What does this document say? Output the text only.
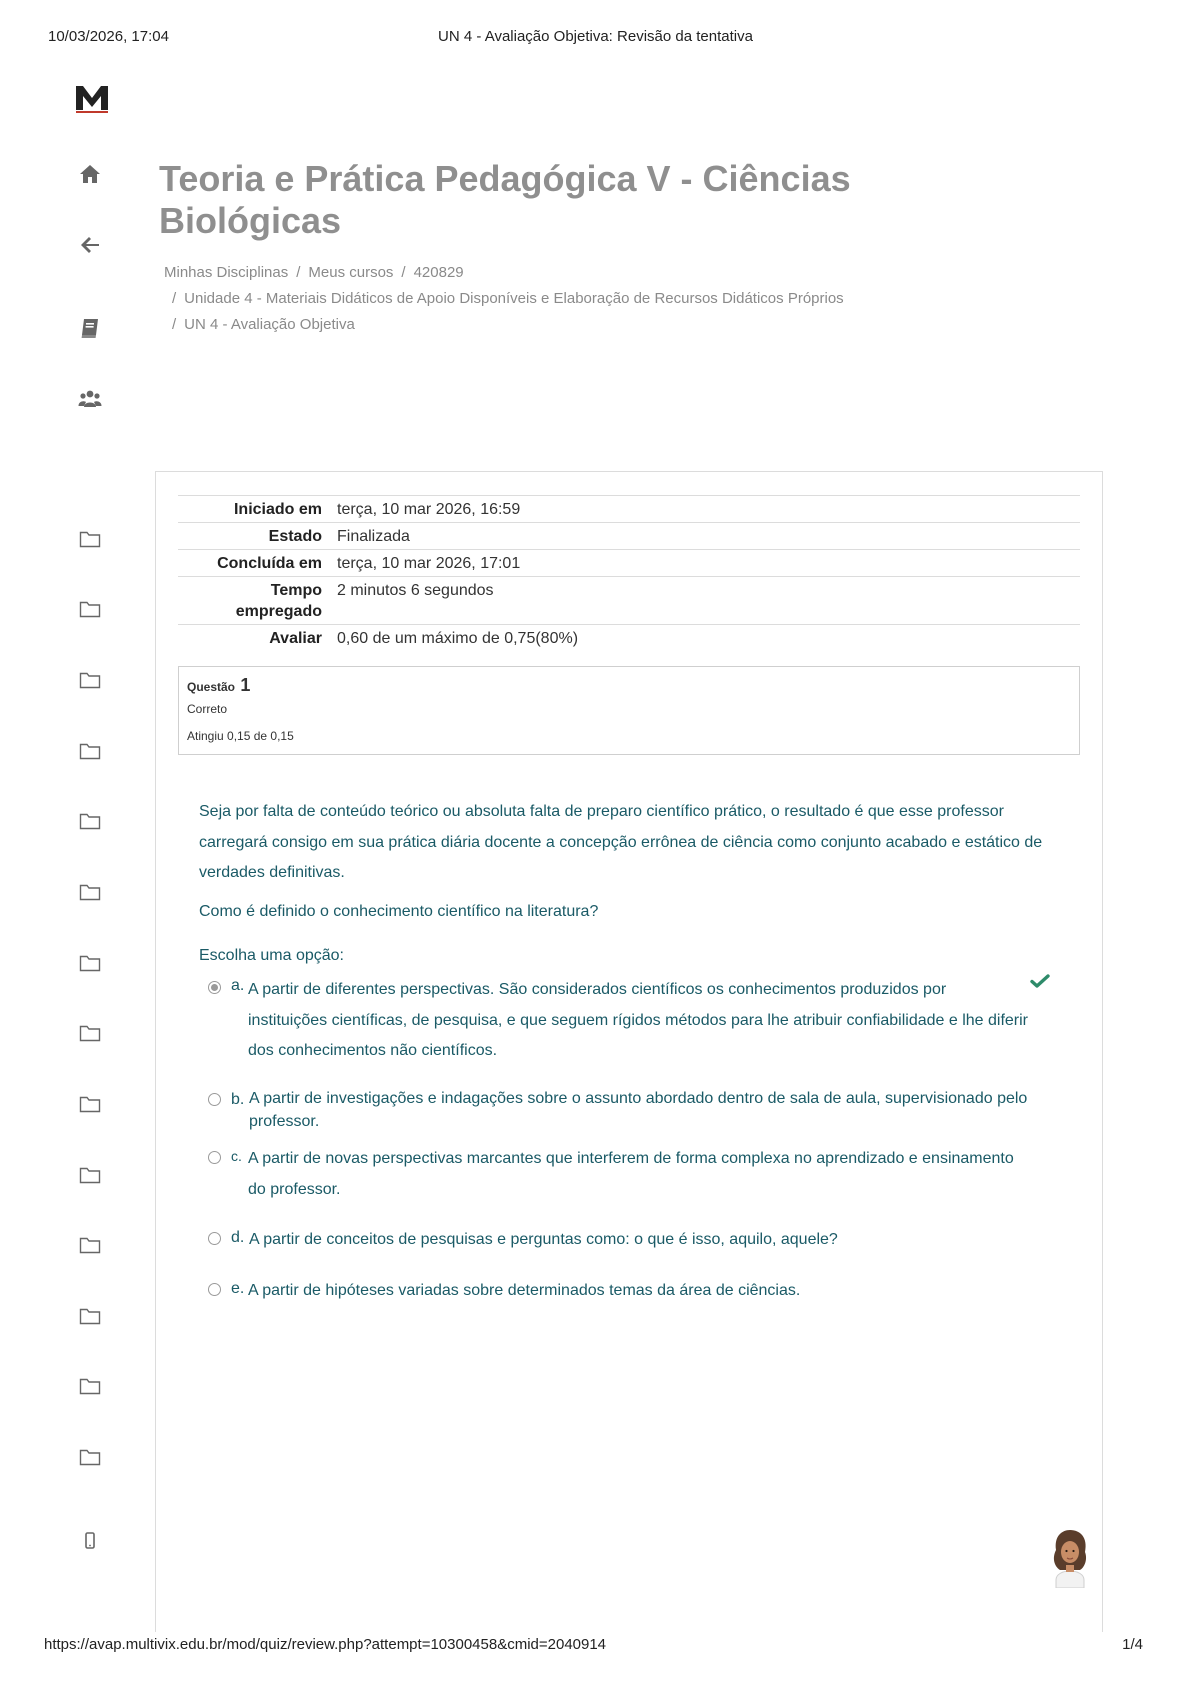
10/03/2026, 17:04	UN 4 - Avaliação Objetiva: Revisão da tentativa
Teoria e Prática Pedagógica V - Ciências Biológicas
Minhas Disciplinas / Meus cursos / 420829
/ Unidade 4 - Materiais Didáticos de Apoio Disponíveis e Elaboração de Recursos Didáticos Próprios
/ UN 4 - Avaliação Objetiva
Iniciado em	terça, 10 mar 2026, 16:59
Estado	Finalizada
Concluída em	terça, 10 mar 2026, 17:01
Tempo empregado	2 minutos 6 segundos
Avaliar	0,60 de um máximo de 0,75(80%)
Questão 1
Correto
Atingiu 0,15 de 0,15

Seja por falta de conteúdo teórico ou absoluta falta de preparo científico prático, o resultado é que esse professor carregará consigo em sua prática diária docente a concepção errônea de ciência como conjunto acabado e estático de verdades definitivas.

Como é definido o conhecimento científico na literatura?

Escolha uma opção:
a. A partir de diferentes perspectivas. São considerados científicos os conhecimentos produzidos por instituições científicas, de pesquisa, e que seguem rígidos métodos para lhe atribuir confiabilidade e lhe diferir dos conhecimentos não científicos.
b. A partir de investigações e indagações sobre o assunto abordado dentro de sala de aula, supervisionado pelo professor.
c. A partir de novas perspectivas marcantes que interferem de forma complexa no aprendizado e ensinamento do professor.
d. A partir de conceitos de pesquisas e perguntas como: o que é isso, aquilo, aquele?
e. A partir de hipóteses variadas sobre determinados temas da área de ciências.
https://avap.multivix.edu.br/mod/quiz/review.php?attempt=10300458&cmid=2040914	1/4
